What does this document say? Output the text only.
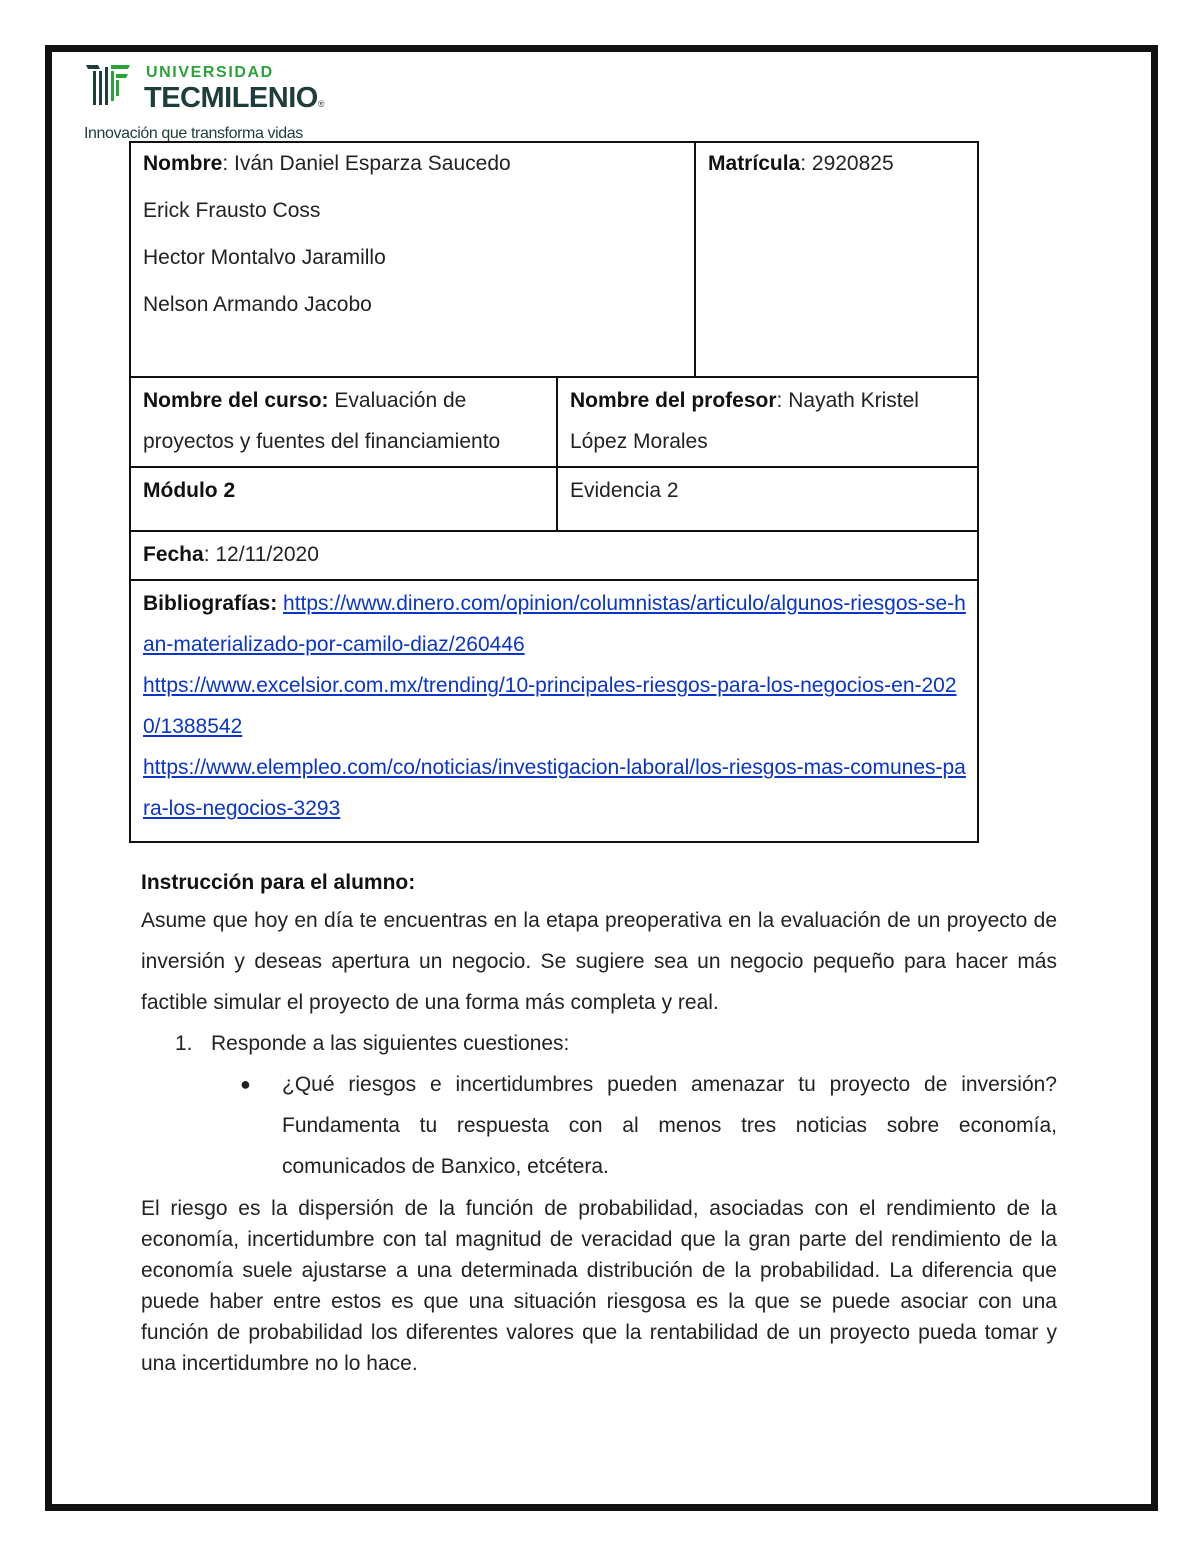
UNIVERSIDAD
TECMILENIO®
Innovación que transforma vidas
Nombre: Iván Daniel Esparza Saucedo
Erick Frausto Coss
Hector Montalvo Jaramillo
Nelson Armando Jacobo		Matrícula: 2920825
Nombre del curso: Evaluación de proyectos y fuentes del financiamiento	Nombre del profesor: Nayath Kristel López Morales	
Módulo 2	Evidencia 2	
Fecha: 12/11/2020		
Bibliografías: https://www.dinero.com/opinion/columnistas/articulo/algunos-riesgos-se-han-materializado-por-camilo-diaz/260446
https://www.excelsior.com.mx/trending/10-principales-riesgos-para-los-negocios-en-2020/1388542
https://www.elempleo.com/co/noticias/investigacion-laboral/los-riesgos-mas-comunes-para-los-negocios-3293		
Instrucción para el alumno:
Asume que hoy en día te encuentras en la etapa preoperativa en la evaluación de un proyecto de inversión y deseas apertura un negocio. Se sugiere sea un negocio pequeño para hacer más factible simular el proyecto de una forma más completa y real.
1. Responde a las siguientes cuestiones:
●	¿Qué riesgos e incertidumbres pueden amenazar tu proyecto de inversión? Fundamenta tu respuesta con al menos tres noticias sobre economía, comunicados de Banxico, etcétera.
El riesgo es la dispersión de la función de probabilidad, asociadas con el rendimiento de la economía, incertidumbre con tal magnitud de veracidad que la gran parte del rendimiento de la economía suele ajustarse a una determinada distribución de la probabilidad. La diferencia que puede haber entre estos es que una situación riesgosa es la que se puede asociar con una función de probabilidad los diferentes valores que la rentabilidad de un proyecto pueda tomar y una incertidumbre no lo hace.
